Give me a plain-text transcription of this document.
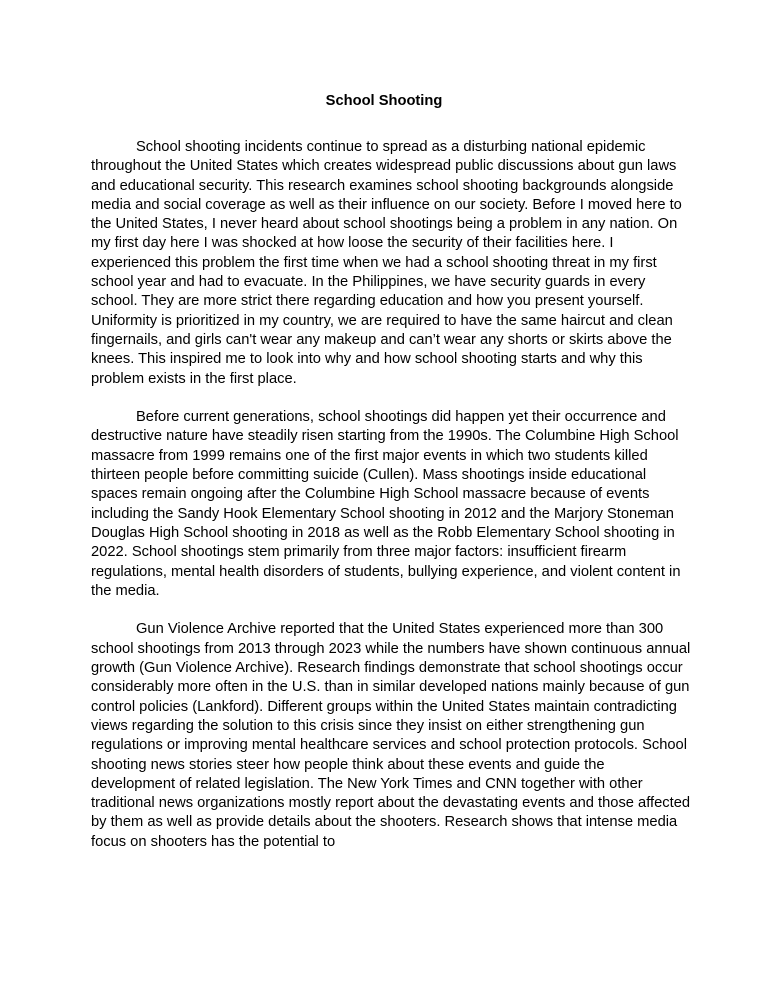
School Shooting

School shooting incidents continue to spread as a disturbing national epidemic throughout the United States which creates widespread public discussions about gun laws and educational security. This research examines school shooting backgrounds alongside media and social coverage as well as their influence on our society. Before I moved here to the United States, I never heard about school shootings being a problem in any nation. On my first day here I was shocked at how loose the security of their facilities here. I experienced this problem the first time when we had a school shooting threat in my first school year and had to evacuate. In the Philippines, we have security guards in every school. They are more strict there regarding education and how you present yourself. Uniformity is prioritized in my country, we are required to have the same haircut and clean fingernails, and girls can't wear any makeup and can’t wear any shorts or skirts above the knees. This inspired me to look into why and how school shooting starts and why this problem exists in the first place.

Before current generations, school shootings did happen yet their occurrence and destructive nature have steadily risen starting from the 1990s. The Columbine High School massacre from 1999 remains one of the first major events in which two students killed thirteen people before committing suicide (Cullen). Mass shootings inside educational spaces remain ongoing after the Columbine High School massacre because of events including the Sandy Hook Elementary School shooting in 2012 and the Marjory Stoneman Douglas High School shooting in 2018 as well as the Robb Elementary School shooting in 2022. School shootings stem primarily from three major factors: insufficient firearm regulations, mental health disorders of students, bullying experience, and violent content in the media.

Gun Violence Archive reported that the United States experienced more than 300 school shootings from 2013 through 2023 while the numbers have shown continuous annual growth (Gun Violence Archive). Research findings demonstrate that school shootings occur considerably more often in the U.S. than in similar developed nations mainly because of gun control policies (Lankford). Different groups within the United States maintain contradicting views regarding the solution to this crisis since they insist on either strengthening gun regulations or improving mental healthcare services and school protection protocols. School shooting news stories steer how people think about these events and guide the development of related legislation. The New York Times and CNN together with other traditional news organizations mostly report about the devastating events and those affected by them as well as provide details about the shooters. Research shows that intense media focus on shooters has the potential to
